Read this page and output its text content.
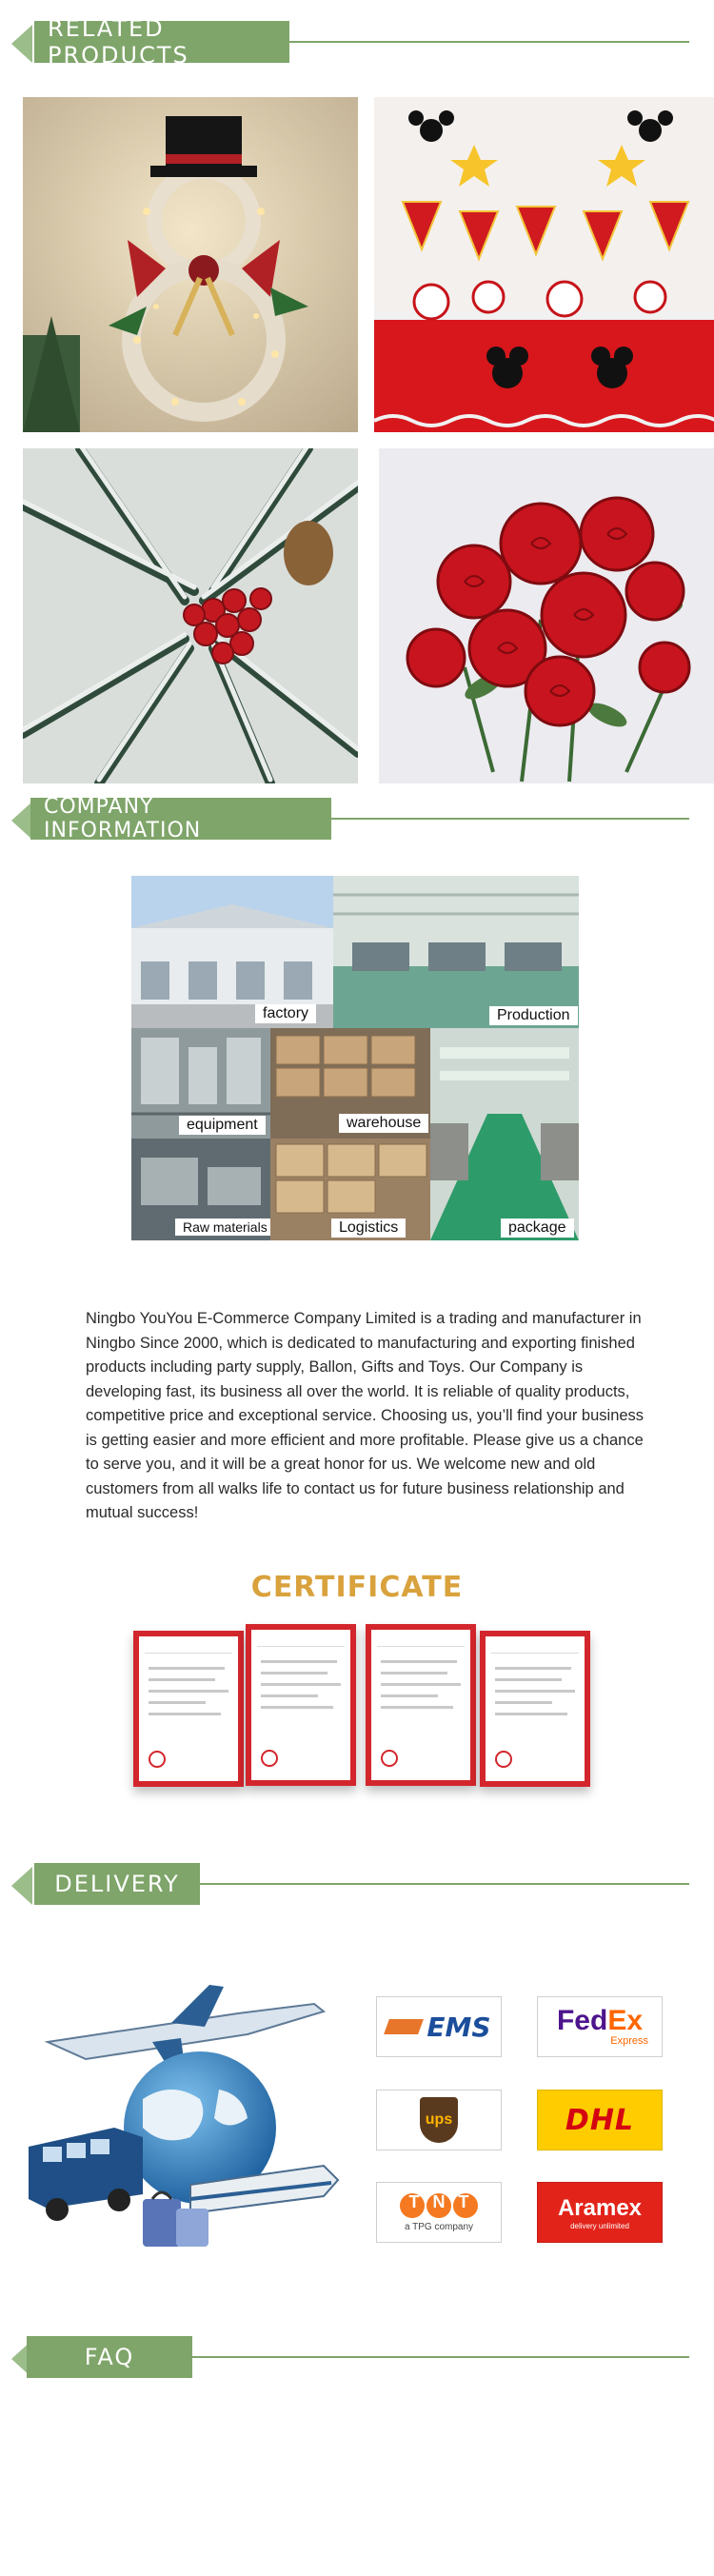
RELATED PRODUCTS
COMPANY INFORMATION
factory	Production
equipment	warehouse
package
Raw materials	Logistics

Ningbo YouYou E-Commerce Company Limited is a trading and manufacturer in Ningbo Since 2000, which is dedicated to manufacturing and exporting finished products including party supply, Ballon, Gifts and Toys. Our Company is developing fast, its business all over the world. It is reliable of quality products, competitive price and exceptional service. Choosing us, you’ll find your business is getting easier and more efficient and more profitable. Please give us a chance to serve you, and it will be a great honor for us. We welcome new and old customers from all walks life to contact us for future business relationship and mutual success!

CERTIFICATE
DELIVERY
EMS FedEx
Express
ups	DHL
TNT
a TPG company
Aramex
delivery unlimited
FAQ
